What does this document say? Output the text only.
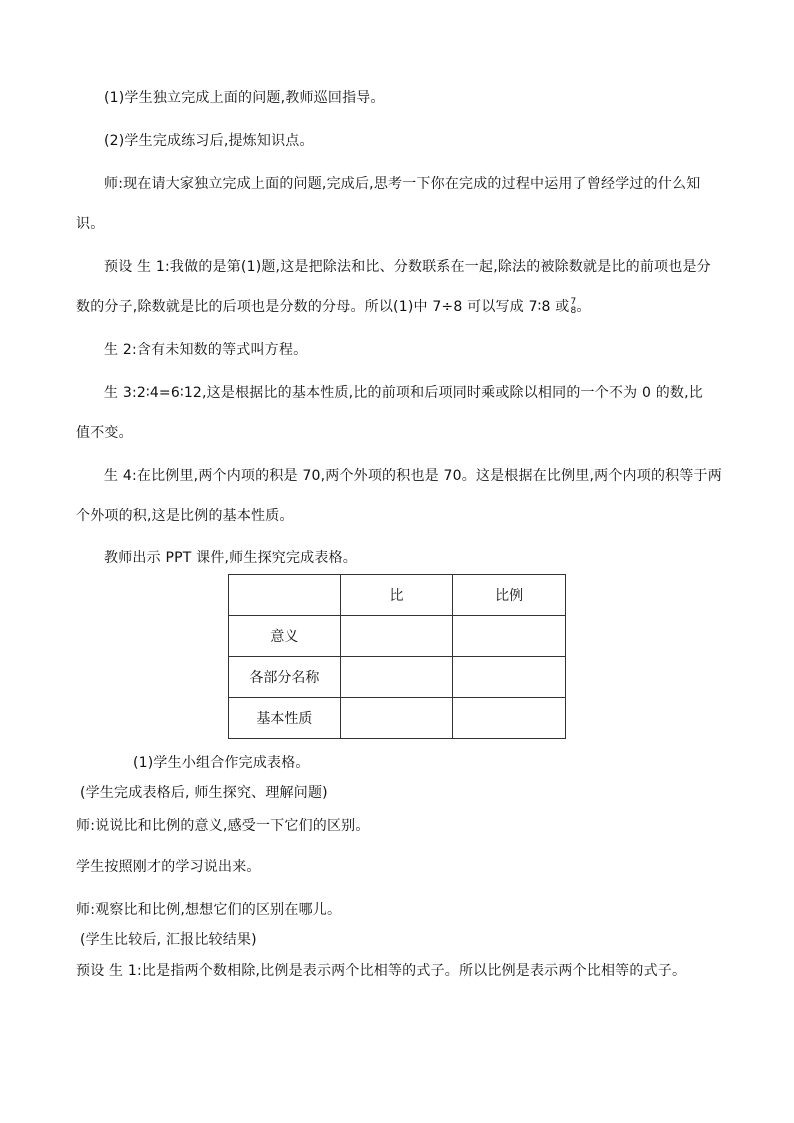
(1)学生独立完成上面的问题,教师巡回指导。
(2)学生完成练习后,提炼知识点。
师:现在请大家独立完成上面的问题,完成后,思考一下你在完成的过程中运用了曾经学过的什么知
识。
预设 生 1:我做的是第(1)题,这是把除法和比、分数联系在一起,除法的被除数就是比的前项也是分
数的分子,除数就是比的后项也是分数的分母。所以(1)中 7÷8 可以写成 7∶8 或 7
8 。
生 2:含有未知数的等式叫方程。
生 3:2∶4=6∶12,这是根据比的基本性质,比的前项和后项同时乘或除以相同的一个不为 0 的数,比
值不变。
生 4:在比例里,两个内项的积是 70,两个外项的积也是 70。这是根据在比例里,两个内项的积等于两
个外项的积,这是比例的基本性质。
教师出示 PPT 课件,师生探究完成表格。
	比	比例
意义		
各部分名称		
基本性质		
(1)学生小组合作完成表格。
(学生完成表格后, 师生探究、理解问题)
师:说说比和比例的意义,感受一下它们的区别。
学生按照刚才的学习说出来。
师:观察比和比例,想想它们的区别在哪儿。
(学生比较后, 汇报比较结果)
预设 生 1:比是指两个数相除,比例是表示两个比相等的式子。所以比例是表示两个比相等的式子。
